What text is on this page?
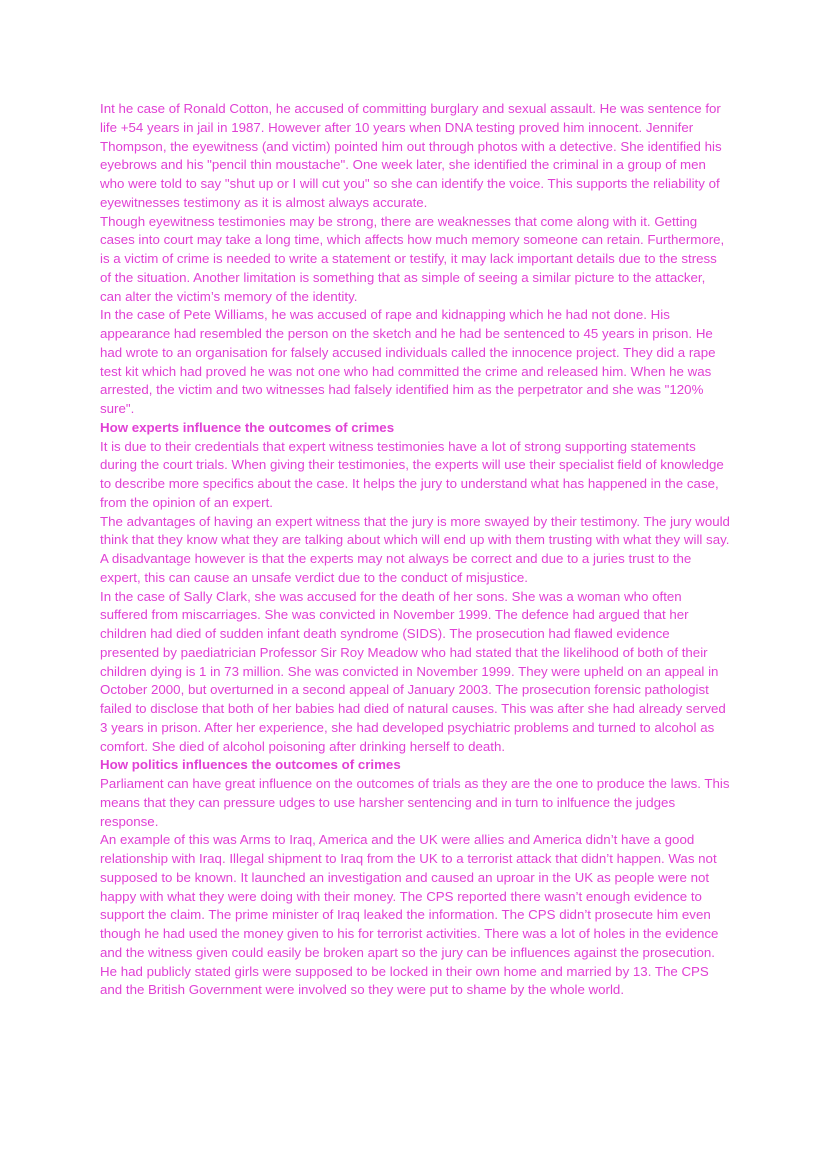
Int he case of Ronald Cotton, he accused of committing burglary and sexual assault. He was sentence for life +54 years in jail in 1987. However after 10 years when DNA testing proved him innocent. Jennifer Thompson, the eyewitness (and victim) pointed him out through photos with a detective. She identified his eyebrows and his "pencil thin moustache". One week later, she identified the criminal in a group of men who were told to say "shut up or I will cut you" so she can identify the voice. This supports the reliability of eyewitnesses testimony as it is almost always accurate.

Though eyewitness testimonies may be strong, there are weaknesses that come along with it. Getting cases into court may take a long time, which affects how much memory someone can retain. Furthermore, is a victim of crime is needed to write a statement or testify, it may lack important details due to the stress of the situation. Another limitation is something that as simple of seeing a similar picture to the attacker, can alter the victim’s memory of the identity.

In the case of Pete Williams, he was accused of rape and kidnapping which he had not done. His appearance had resembled the person on the sketch and he had be sentenced to 45 years in prison. He had wrote to an organisation for falsely accused individuals called the innocence project. They did a rape test kit which had proved he was not one who had committed the crime and released him. When he was arrested, the victim and two witnesses had falsely identified him as the perpetrator and she was "120% sure".

How experts influence the outcomes of crimes

It is due to their credentials that expert witness testimonies have a lot of strong supporting statements during the court trials. When giving their testimonies, the experts will use their specialist field of knowledge to describe more specifics about the case. It helps the jury to understand what has happened in the case, from the opinion of an expert.

The advantages of having an expert witness that the jury is more swayed by their testimony. The jury would think that they know what they are talking about which will end up with them trusting with what they will say.

A disadvantage however is that the experts may not always be correct and due to a juries trust to the expert, this can cause an unsafe verdict due to the conduct of misjustice.

In the case of Sally Clark, she was accused for the death of her sons. She was a woman who often suffered from miscarriages. She was convicted in November 1999. The defence had argued that her children had died of sudden infant death syndrome (SIDS). The prosecution had flawed evidence presented by paediatrician Professor Sir Roy Meadow who had stated that the likelihood of both of their children dying is 1 in 73 million. She was convicted in November 1999. They were upheld on an appeal in October 2000, but overturned in a second appeal of January 2003. The prosecution forensic pathologist failed to disclose that both of her babies had died of natural causes. This was after she had already served 3 years in prison. After her experience, she had developed psychiatric problems and turned to alcohol as comfort. She died of alcohol poisoning after drinking herself to death.

How politics influences the outcomes of crimes

Parliament can have great influence on the outcomes of trials as they are the one to produce the laws. This means that they can pressure udges to use harsher sentencing and in turn to inlfuence the judges response.

An example of this was Arms to Iraq, America and the UK were allies and America didn’t have a good relationship with Iraq. Illegal shipment to Iraq from the UK to a terrorist attack that didn’t happen. Was not supposed to be known. It launched an investigation and caused an uproar in the UK as people were not happy with what they were doing with their money. The CPS reported there wasn’t enough evidence to support the claim. The prime minister of Iraq leaked the information. The CPS didn’t prosecute him even though he had used the money given to his for terrorist activities. There was a lot of holes in the evidence and the witness given could easily be broken apart so the jury can be influences against the prosecution. He had publicly stated girls were supposed to be locked in their own home and married by 13. The CPS and the British Government were involved so they were put to shame by the whole world.
